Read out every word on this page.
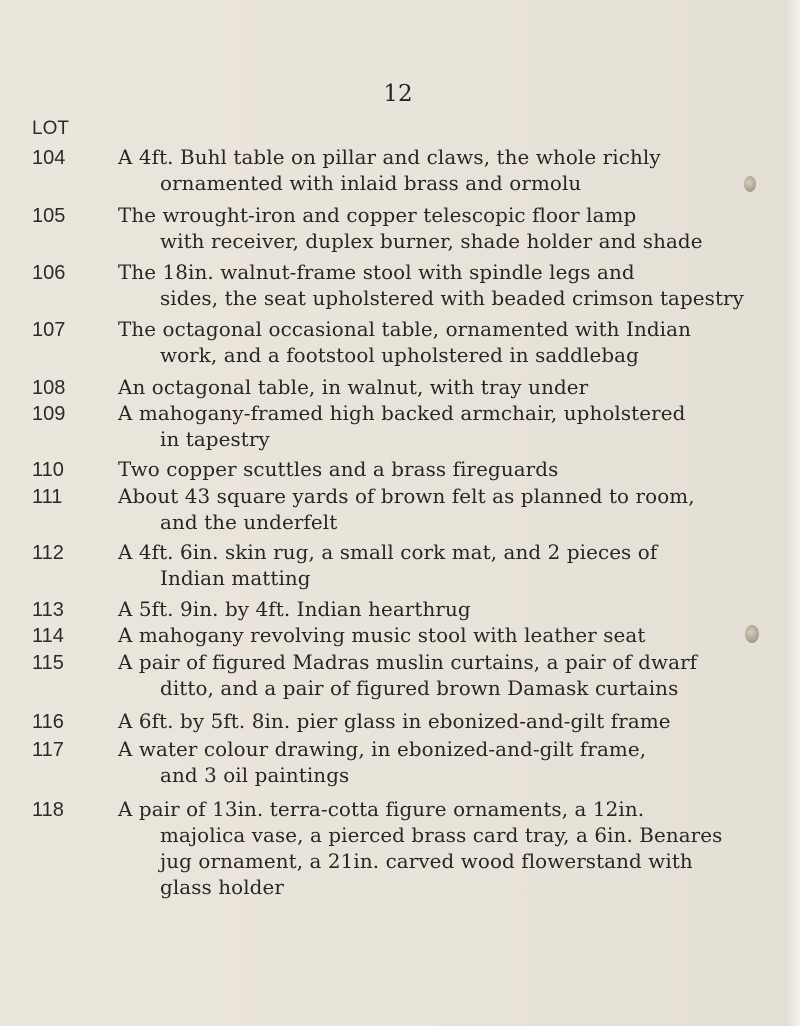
12
LOT
104	A 4ft. Buhl table on pillar and claws, the whole richly
ornamented with inlaid brass and ormolu
105	The wrought-iron and copper telescopic floor lamp
with receiver, duplex burner, shade holder and shade
106	The 18in. walnut-frame stool with spindle legs and
sides, the seat upholstered with beaded crimson tapestry
107	The octagonal occasional table, ornamented with Indian
work, and a footstool upholstered in saddlebag
108	An octagonal table, in walnut, with tray under
109	A mahogany-framed high backed armchair, upholstered
in tapestry
110	Two copper scuttles and a brass fireguards
111	About 43 square yards of brown felt as planned to room,
and the underfelt
112	A 4ft. 6in. skin rug, a small cork mat, and 2 pieces of
Indian matting
113	A 5ft. 9in. by 4ft. Indian hearthrug
114	A mahogany revolving music stool with leather seat
115	A pair of figured Madras muslin curtains, a pair of dwarf
ditto, and a pair of figured brown Damask curtains
116	A 6ft. by 5ft. 8in. pier glass in ebonized-and-gilt frame
117	A water colour drawing, in ebonized-and-gilt frame,
and 3 oil paintings
118	A pair of 13in. terra-cotta figure ornaments, a 12in.
majolica vase, a pierced brass card tray, a 6in. Benares
jug ornament, a 21in. carved wood flowerstand with
glass holder
